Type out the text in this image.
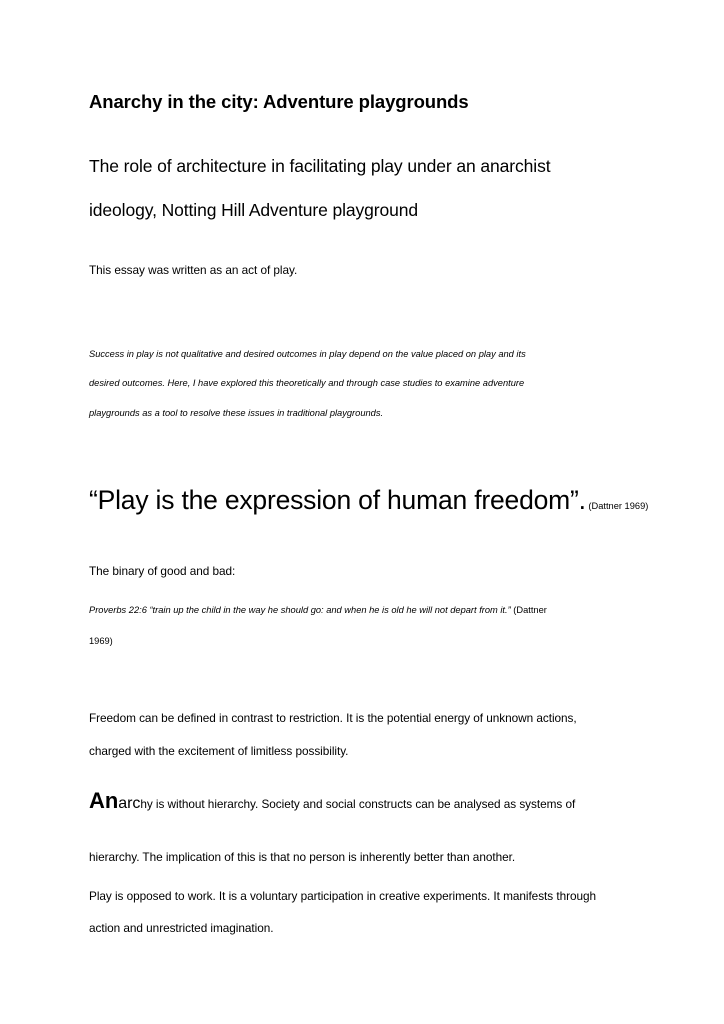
Anarchy in the city: Adventure playgrounds
The role of architecture in facilitating play under an anarchist
ideology, Notting Hill Adventure playground
This essay was written as an act of play.
Success in play is not qualitative and desired outcomes in play depend on the value placed on play and its
desired outcomes. Here, I have explored this theoretically and through case studies to examine adventure
playgrounds as a tool to resolve these issues in traditional playgrounds.
“Play is the expression of human freedom”. (Dattner 1969)
The binary of good and bad:
Proverbs 22:6 “train up the child in the way he should go: and when he is old he will not depart from it.” (Dattner
1969)
Freedom can be defined in contrast to restriction. It is the potential energy of unknown actions,
charged with the excitement of limitless possibility.
Anarchy is without hierarchy. Society and social constructs can be analysed as systems of
hierarchy. The implication of this is that no person is inherently better than another.
Play is opposed to work. It is a voluntary participation in creative experiments. It manifests through
action and unrestricted imagination.
